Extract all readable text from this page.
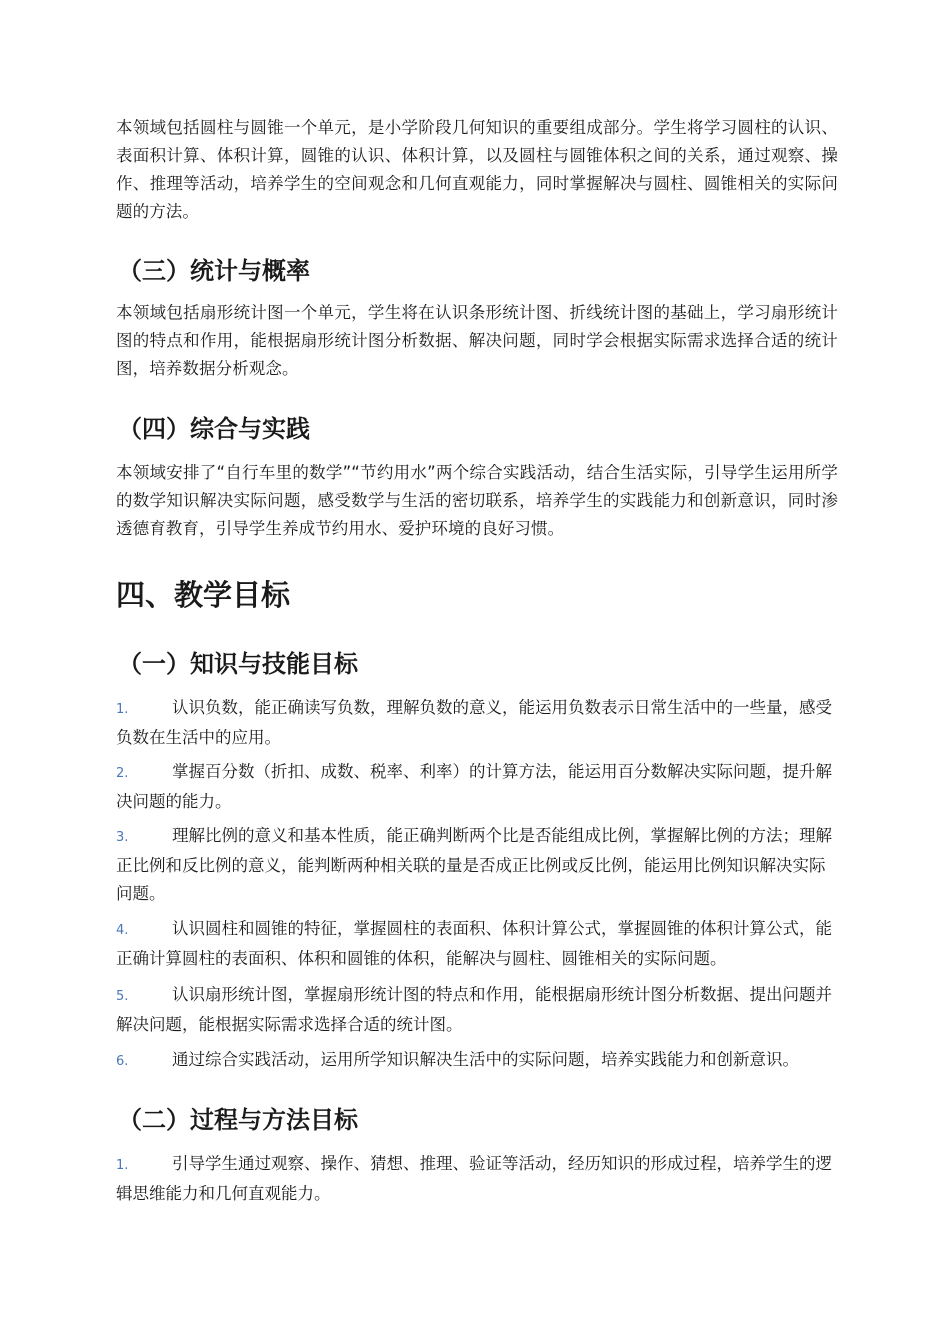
本领域包括圆柱与圆锥一个单元，是小学阶段几何知识的重要组成部分。学生将学习圆柱的认识、表面积计算、体积计算，圆锥的认识、体积计算，以及圆柱与圆锥体积之间的关系，通过观察、操作、推理等活动，培养学生的空间观念和几何直观能力，同时掌握解决与圆柱、圆锥相关的实际问题的方法。

（三）统计与概率

本领域包括扇形统计图一个单元，学生将在认识条形统计图、折线统计图的基础上，学习扇形统计图的特点和作用，能根据扇形统计图分析数据、解决问题，同时学会根据实际需求选择合适的统计图，培养数据分析观念。

（四）综合与实践

本领域安排了“自行车里的数学”“节约用水”两个综合实践活动，结合生活实际，引导学生运用所学的数学知识解决实际问题，感受数学与生活的密切联系，培养学生的实践能力和创新意识，同时渗透德育教育，引导学生养成节约用水、爱护环境的良好习惯。

四、教学目标
（一）知识与技能目标

1.	认识负数，能正确读写负数，理解负数的意义，能运用负数表示日常生活中的一些量，感受负数在生活中的应用。

2.	掌握百分数（折扣、成数、税率、利率）的计算方法，能运用百分数解决实际问题，提升解决问题的能力。

3.	理解比例的意义和基本性质，能正确判断两个比是否能组成比例，掌握解比例的方法；理解正比例和反比例的意义，能判断两种相关联的量是否成正比例或反比例，能运用比例知识解决实际问题。

4.	认识圆柱和圆锥的特征，掌握圆柱的表面积、体积计算公式，掌握圆锥的体积计算公式，能正确计算圆柱的表面积、体积和圆锥的体积，能解决与圆柱、圆锥相关的实际问题。

5.	认识扇形统计图，掌握扇形统计图的特点和作用，能根据扇形统计图分析数据、提出问题并解决问题，能根据实际需求选择合适的统计图。

6.	通过综合实践活动，运用所学知识解决生活中的实际问题，培养实践能力和创新意识。

（二）过程与方法目标

1.	引导学生通过观察、操作、猜想、推理、验证等活动，经历知识的形成过程，培养学生的逻辑思维能力和几何直观能力。
